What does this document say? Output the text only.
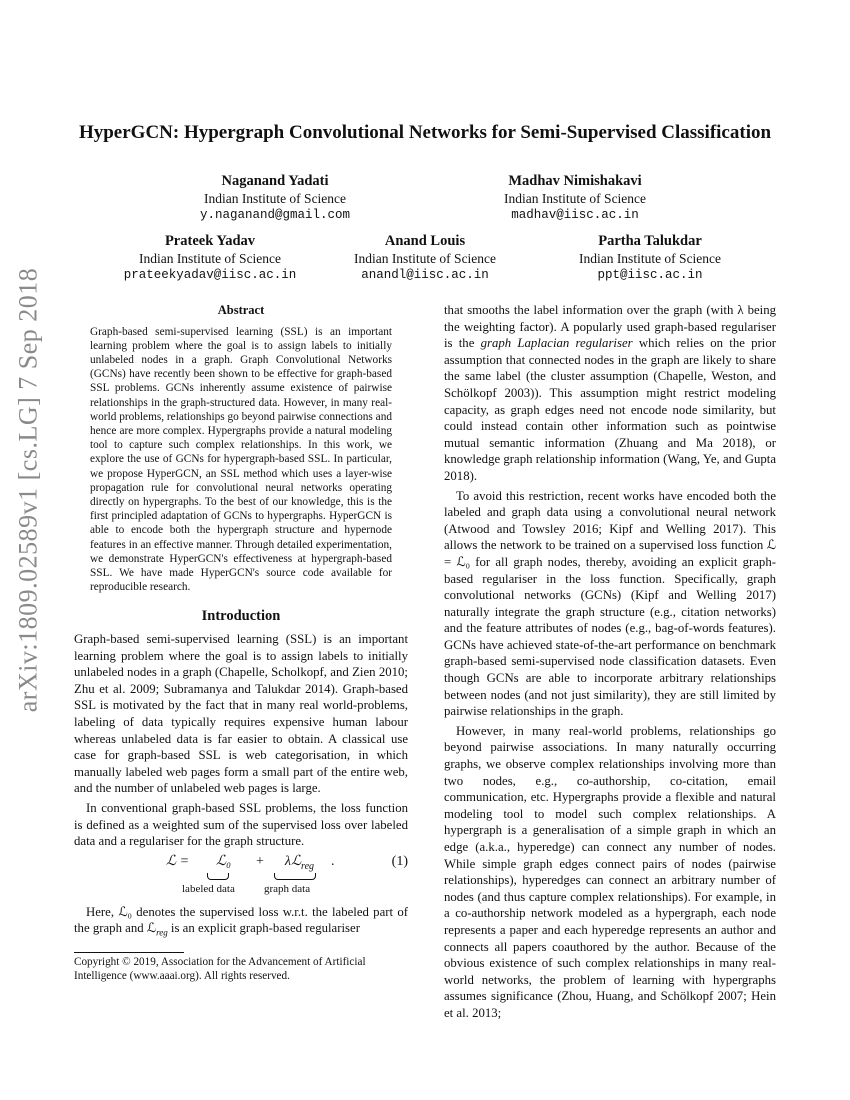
arXiv:1809.02589v1 [cs.LG] 7 Sep 2018
HyperGCN: Hypergraph Convolutional Networks for Semi-Supervised Classification
Naganand Yadati
Indian Institute of Science
y.naganand@gmail.com
Madhav Nimishakavi
Indian Institute of Science
madhav@iisc.ac.in
Prateek Yadav
Indian Institute of Science
prateekyadav@iisc.ac.in
Anand Louis
Indian Institute of Science
anandl@iisc.ac.in
Partha Talukdar
Indian Institute of Science
ppt@iisc.ac.in
Abstract
Graph-based semi-supervised learning (SSL) is an important learning problem where the goal is to assign labels to initially unlabeled nodes in a graph. Graph Convolutional Networks (GCNs) have recently been shown to be effective for graph-based SSL problems. GCNs inherently assume existence of pairwise relationships in the graph-structured data. However, in many real-world problems, relationships go beyond pairwise connections and hence are more complex. Hypergraphs provide a natural modeling tool to capture such complex relationships. In this work, we explore the use of GCNs for hypergraph-based SSL. In particular, we propose HyperGCN, an SSL method which uses a layer-wise propagation rule for convolutional neural networks operating directly on hypergraphs. To the best of our knowledge, this is the first principled adaptation of GCNs to hypergraphs. HyperGCN is able to encode both the hypergraph structure and hypernode features in an effective manner. Through detailed experimentation, we demonstrate HyperGCN's effectiveness at hypergraph-based SSL. We have made HyperGCN's source code available for reproducible research.
Introduction

Graph-based semi-supervised learning (SSL) is an important learning problem where the goal is to assign labels to initially unlabeled nodes in a graph (Chapelle, Scholkopf, and Zien 2010; Zhu et al. 2009; Subramanya and Talukdar 2014). Graph-based SSL is motivated by the fact that in many real world-problems, labeling of data typically requires expensive human labour whereas unlabeled data is far easier to obtain. A classical use case for graph-based SSL is web categorisation, in which manually labeled web pages form a small part of the entire web, and the number of unlabeled web pages is large.

In conventional graph-based SSL problems, the loss function is defined as a weighted sum of the supervised loss over labeled data and a regulariser for the graph structure.

ℒ = ℒ₀ + λℒ$_{reg}$ .
labeled data	graph data
(1)

Here, ℒ₀ denotes the supervised loss w.r.t. the labeled part of the graph and ℒ$_{reg}$ is an explicit graph-based regulariser

Copyright © 2019, Association for the Advancement of Artificial Intelligence (www.aaai.org). All rights reserved.

that smooths the label information over the graph (with λ being the weighting factor). A popularly used graph-based regulariser is the graph Laplacian regulariser which relies on the prior assumption that connected nodes in the graph are likely to share the same label (the cluster assumption (Chapelle, Weston, and Schölkopf 2003)). This assumption might restrict modeling capacity, as graph edges need not encode node similarity, but could instead contain other information such as pointwise mutual semantic information (Zhuang and Ma 2018), or knowledge graph relationship information (Wang, Ye, and Gupta 2018).

To avoid this restriction, recent works have encoded both the labeled and graph data using a convolutional neural network (Atwood and Towsley 2016; Kipf and Welling 2017). This allows the network to be trained on a supervised loss function ℒ = ℒ₀ for all graph nodes, thereby, avoiding an explicit graph-based regulariser in the loss function. Specifically, graph convolutional networks (GCNs) (Kipf and Welling 2017) naturally integrate the graph structure (e.g., citation networks) and the feature attributes of nodes (e.g., bag-of-words features). GCNs have achieved state-of-the-art performance on benchmark graph-based semi-supervised node classification datasets. Even though GCNs are able to incorporate arbitrary relationships between nodes (and not just similarity), they are still limited by pairwise relationships in the graph.

However, in many real-world problems, relationships go beyond pairwise associations. In many naturally occurring graphs, we observe complex relationships involving more than two nodes, e.g., co-authorship, co-citation, email communication, etc. Hypergraphs provide a flexible and natural modeling tool to model such complex relationships. A hypergraph is a generalisation of a simple graph in which an edge (a.k.a., hyperedge) can connect any number of nodes. While simple graph edges connect pairs of nodes (pairwise relationships), hyperedges can connect an arbitrary number of nodes (and thus capture complex relationships). For example, in a co-authorship network modeled as a hypergraph, each node represents a paper and each hyperedge represents an author and connects all papers coauthored by the author. Because of the obvious existence of such complex relationships in many real-world networks, the problem of learning with hypergraphs assumes significance (Zhou, Huang, and Schölkopf 2007; Hein et al. 2013;
